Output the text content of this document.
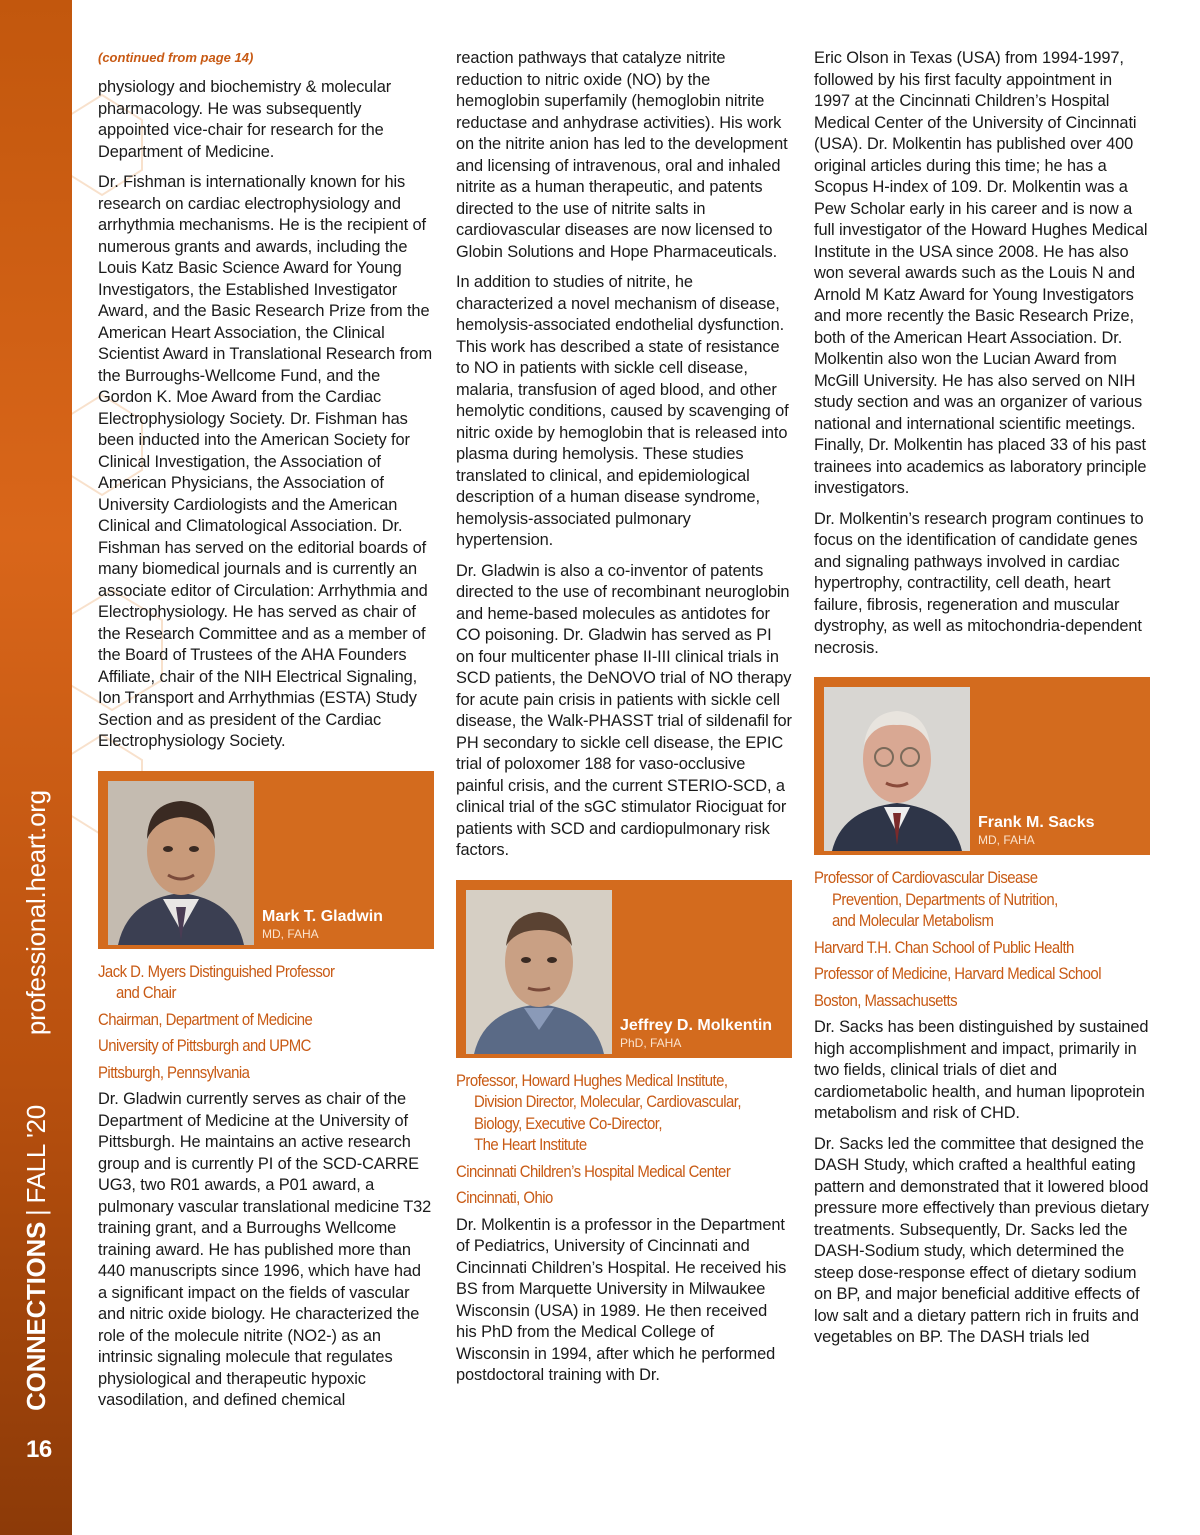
CONNECTIONS|FALL '20professional.heart.org
16
(continued from page 14)

physiology and biochemistry & molecular pharmacology. He was subsequently appointed vice-chair for research for the Department of Medicine.

Dr. Fishman is internationally known for his research on cardiac electrophysiology and arrhythmia mechanisms. He is the recipient of numerous grants and awards, including the Louis Katz Basic Science Award for Young Investigators, the Established Investigator Award, and the Basic Research Prize from the American Heart Association, the Clinical Scientist Award in Translational Research from the Burroughs-Wellcome Fund, and the Gordon K. Moe Award from the Cardiac Electrophysiology Society. Dr. Fishman has been inducted into the American Society for Clinical Investigation, the Association of American Physicians, the Association of University Cardiologists and the American Clinical and Climatological Association. Dr. Fishman has served on the editorial boards of many biomedical journals and is currently an associate editor of Circulation: Arrhythmia and Electrophysiology. He has served as chair of the Research Committee and as a member of the Board of Trustees of the AHA Founders Affiliate, chair of the NIH Electrical Signaling, Ion Transport and Arrhythmias (ESTA) Study Section and as president of the Cardiac Electrophysiology Society.

Mark T. Gladwin
MD, FAHA
Jack D. Myers Distinguished Professor
and Chair
Chairman, Department of Medicine
University of Pittsburgh and UPMC
Pittsburgh, Pennsylvania

Dr. Gladwin currently serves as chair of the Department of Medicine at the University of Pittsburgh. He maintains an active research group and is currently PI of the SCD-CARRE UG3, two R01 awards, a P01 award, a pulmonary vascular translational medicine T32 training grant, and a Burroughs Wellcome training award. He has published more than 440 manuscripts since 1996, which have had a significant impact on the fields of vascular and nitric oxide biology. He characterized the role of the molecule nitrite (NO2-) as an intrinsic signaling molecule that regulates physiological and therapeutic hypoxic vasodilation, and defined chemical

reaction pathways that catalyze nitrite reduction to nitric oxide (NO) by the hemoglobin superfamily (hemoglobin nitrite reductase and anhydrase activities). His work on the nitrite anion has led to the development and licensing of intravenous, oral and inhaled nitrite as a human therapeutic, and patents directed to the use of nitrite salts in cardiovascular diseases are now licensed to Globin Solutions and Hope Pharmaceuticals.

In addition to studies of nitrite, he characterized a novel mechanism of disease, hemolysis-associated endothelial dysfunction. This work has described a state of resistance to NO in patients with sickle cell disease, malaria, transfusion of aged blood, and other hemolytic conditions, caused by scavenging of nitric oxide by hemoglobin that is released into plasma during hemolysis. These studies translated to clinical, and epidemiological description of a human disease syndrome, hemolysis-associated pulmonary hypertension.

Dr. Gladwin is also a co-inventor of patents directed to the use of recombinant neuroglobin and heme-based molecules as antidotes for CO poisoning. Dr. Gladwin has served as PI on four multicenter phase II-III clinical trials in SCD patients, the DeNOVO trial of NO therapy for acute pain crisis in patients with sickle cell disease, the Walk-PHASST trial of sildenafil for PH secondary to sickle cell disease, the EPIC trial of poloxomer 188 for vaso-occlusive painful crisis, and the current STERIO-SCD, a clinical trial of the sGC stimulator Riociguat for patients with SCD and cardiopulmonary risk factors.

Jeffrey D. Molkentin
PhD, FAHA
Professor, Howard Hughes Medical Institute,
Division Director, Molecular, Cardiovascular,
Biology, Executive Co-Director,
The Heart Institute
Cincinnati Children’s Hospital Medical Center
Cincinnati, Ohio

Dr. Molkentin is a professor in the Department of Pediatrics, University of Cincinnati and Cincinnati Children’s Hospital. He received his BS from Marquette University in Milwaukee Wisconsin (USA) in 1989. He then received his PhD from the Medical College of Wisconsin in 1994, after which he performed postdoctoral training with Dr.

Eric Olson in Texas (USA) from 1994-1997, followed by his first faculty appointment in 1997 at the Cincinnati Children’s Hospital Medical Center of the University of Cincinnati (USA). Dr. Molkentin has published over 400 original articles during this time; he has a Scopus H-index of 109. Dr. Molkentin was a Pew Scholar early in his career and is now a full investigator of the Howard Hughes Medical Institute in the USA since 2008. He has also won several awards such as the Louis N and Arnold M Katz Award for Young Investigators and more recently the Basic Research Prize, both of the American Heart Association. Dr. Molkentin also won the Lucian Award from McGill University. He has also served on NIH study section and was an organizer of various national and international scientific meetings. Finally, Dr. Molkentin has placed 33 of his past trainees into academics as laboratory principle investigators.

Dr. Molkentin’s research program continues to focus on the identification of candidate genes and signaling pathways involved in cardiac hypertrophy, contractility, cell death, heart failure, fibrosis, regeneration and muscular dystrophy, as well as mitochondria-dependent necrosis.

Frank M. Sacks
MD, FAHA
Professor of Cardiovascular Disease
Prevention, Departments of Nutrition,
and Molecular Metabolism
Harvard T.H. Chan School of Public Health
Professor of Medicine, Harvard Medical School
Boston, Massachusetts

Dr. Sacks has been distinguished by sustained high accomplishment and impact, primarily in two fields, clinical trials of diet and cardiometabolic health, and human lipoprotein metabolism and risk of CHD.

Dr. Sacks led the committee that designed the DASH Study, which crafted a healthful eating pattern and demonstrated that it lowered blood pressure more effectively than previous dietary treatments. Subsequently, Dr. Sacks led the DASH-Sodium study, which determined the steep dose-response effect of dietary sodium on BP, and major beneficial additive effects of low salt and a dietary pattern rich in fruits and vegetables on BP. The DASH trials led
